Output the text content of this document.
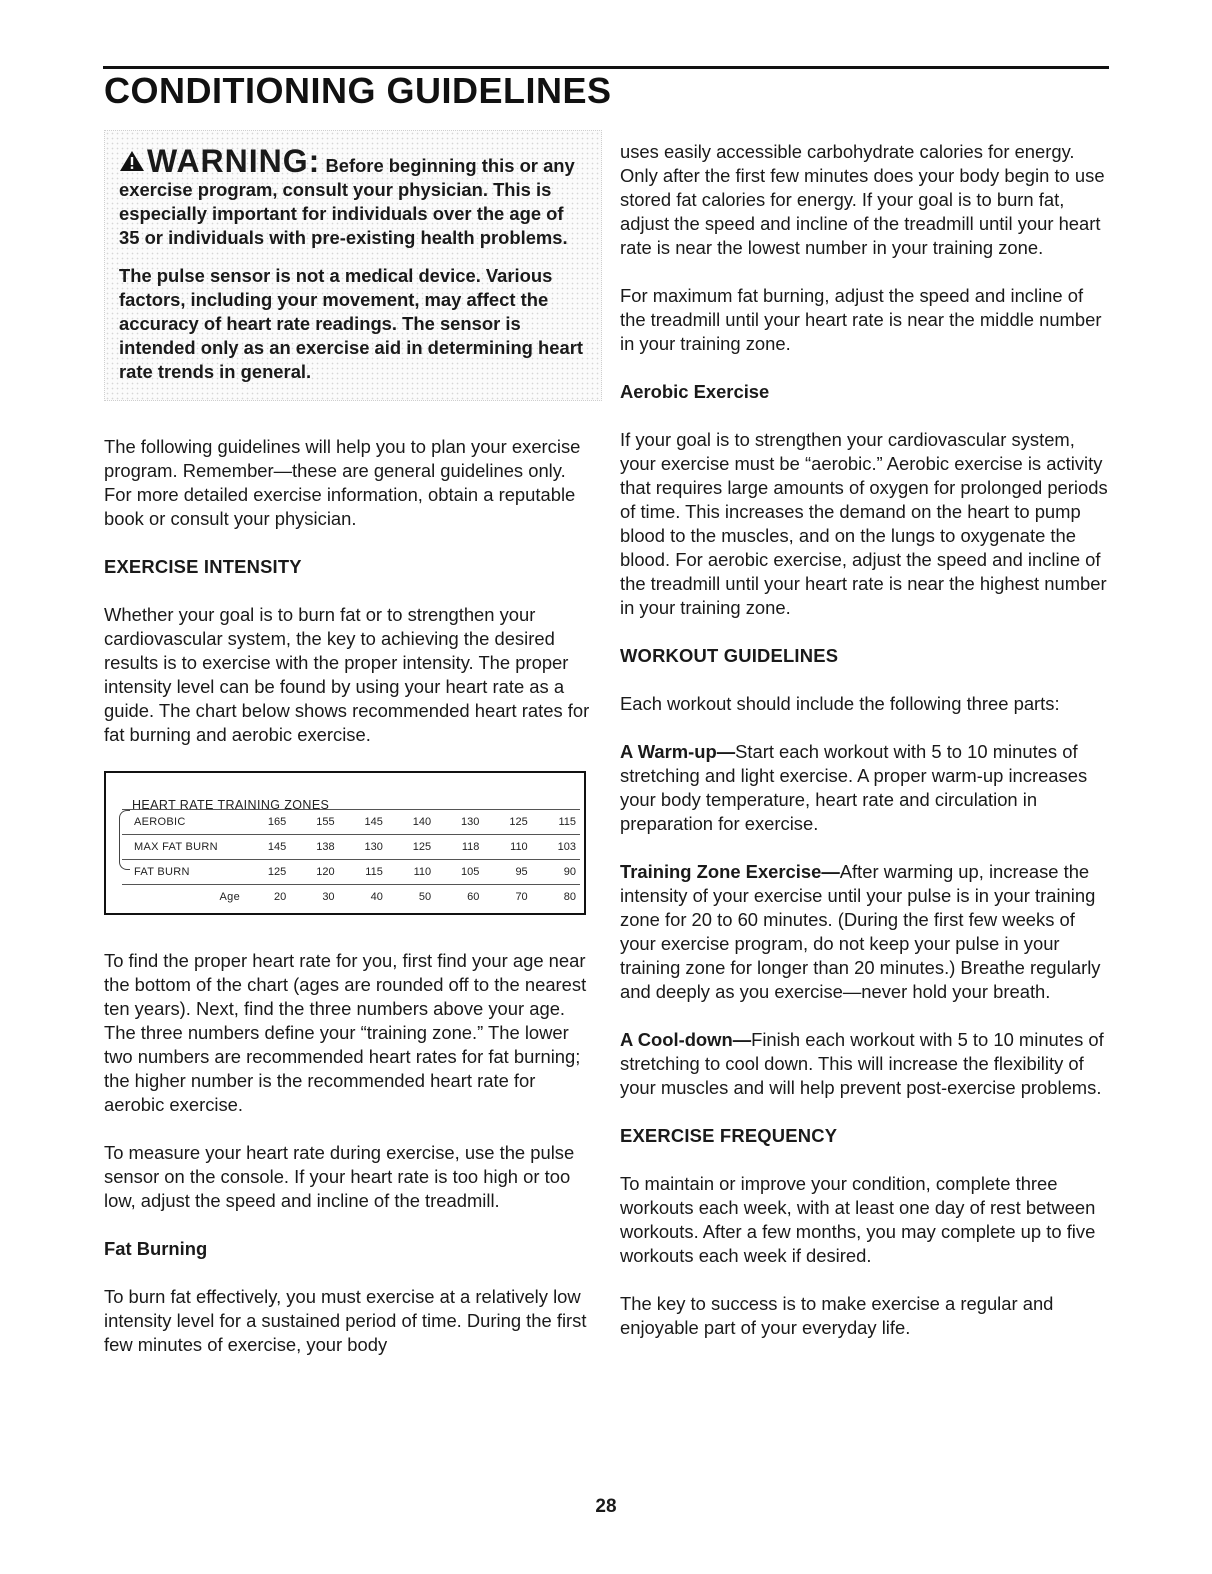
CONDITIONING GUIDELINES

WARNING: Before beginning this or any exercise program, consult your physician. This is especially important for individuals over the age of 35 or individuals with pre-existing health problems.

The pulse sensor is not a medical device. Various factors, including your movement, may affect the accuracy of heart rate readings. The sensor is intended only as an exercise aid in determining heart rate trends in general.

The following guidelines will help you to plan your exercise program. Remember—these are general guidelines only. For more detailed exercise information, obtain a reputable book or consult your physician.

EXERCISE INTENSITY

Whether your goal is to burn fat or to strengthen your cardiovascular system, the key to achieving the desired results is to exercise with the proper intensity. The proper intensity level can be found by using your heart rate as a guide. The chart below shows recommended heart rates for fat burning and aerobic exercise.

HEART RATE TRAINING ZONES
AEROBIC	165	155	145	140	130	125	115
MAX FAT BURN	145	138	130	125	118	110	103
FAT BURN	125	120	115	110	105	95	90
Age	20	30	40	50	60	70	80

To find the proper heart rate for you, first find your age near the bottom of the chart (ages are rounded off to the nearest ten years). Next, find the three numbers above your age. The three numbers define your “training zone.” The lower two numbers are recommended heart rates for fat burning; the higher number is the recommended heart rate for aerobic exercise.

To measure your heart rate during exercise, use the pulse sensor on the console. If your heart rate is too high or too low, adjust the speed and incline of the treadmill.

Fat Burning

To burn fat effectively, you must exercise at a relatively low intensity level for a sustained period of time. During the first few minutes of exercise, your body

uses easily accessible carbohydrate calories for energy. Only after the first few minutes does your body begin to use stored fat calories for energy. If your goal is to burn fat, adjust the speed and incline of the treadmill until your heart rate is near the lowest number in your training zone.

For maximum fat burning, adjust the speed and incline of the treadmill until your heart rate is near the middle number in your training zone.

Aerobic Exercise

If your goal is to strengthen your cardiovascular system, your exercise must be “aerobic.” Aerobic exercise is activity that requires large amounts of oxygen for prolonged periods of time. This increases the demand on the heart to pump blood to the muscles, and on the lungs to oxygenate the blood. For aerobic exercise, adjust the speed and incline of the treadmill until your heart rate is near the highest number in your training zone.

WORKOUT GUIDELINES

Each workout should include the following three parts:

A Warm-up—Start each workout with 5 to 10 minutes of stretching and light exercise. A proper warm-up increases your body temperature, heart rate and circulation in preparation for exercise.

Training Zone Exercise—After warming up, increase the intensity of your exercise until your pulse is in your training zone for 20 to 60 minutes. (During the first few weeks of your exercise program, do not keep your pulse in your training zone for longer than 20 minutes.) Breathe regularly and deeply as you exercise—never hold your breath.

A Cool-down—Finish each workout with 5 to 10 minutes of stretching to cool down. This will increase the flexibility of your muscles and will help prevent post-exercise problems.

EXERCISE FREQUENCY

To maintain or improve your condition, complete three workouts each week, with at least one day of rest between workouts. After a few months, you may complete up to five workouts each week if desired.

The key to success is to make exercise a regular and enjoyable part of your everyday life.

28
